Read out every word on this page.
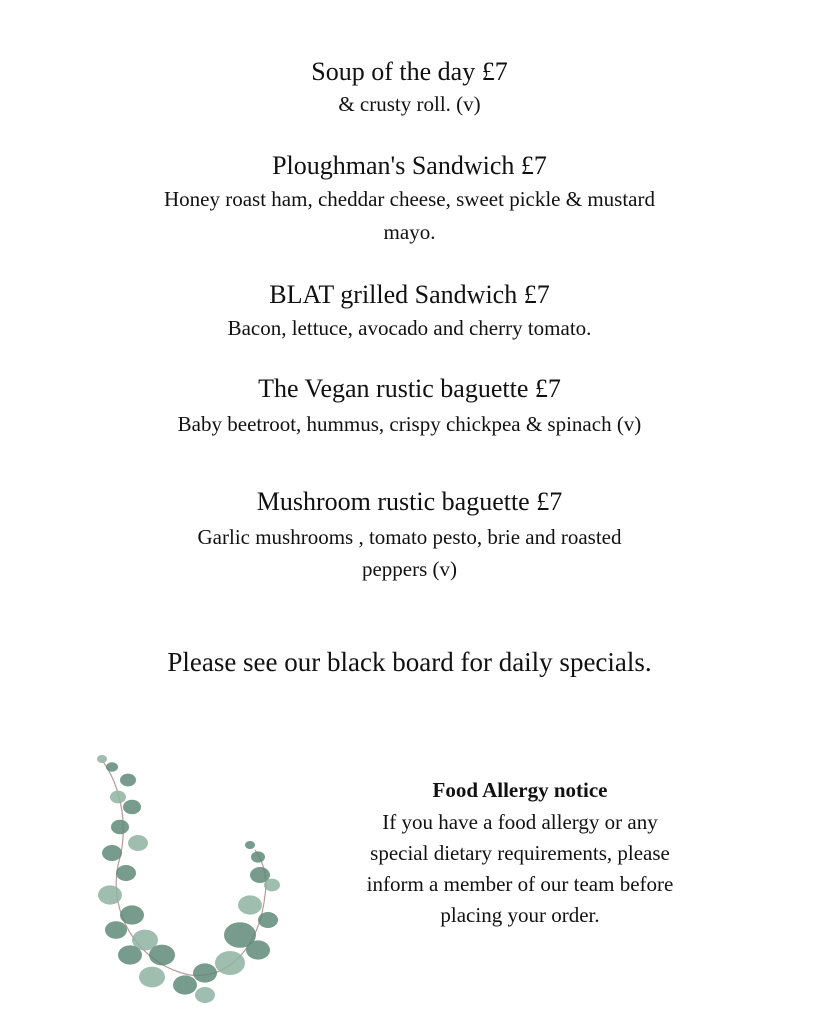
Soup of the day £7
& crusty roll. (v)
Ploughman's Sandwich £7
Honey roast ham, cheddar cheese, sweet pickle & mustard
mayo.
BLAT grilled Sandwich £7
Bacon, lettuce, avocado and cherry tomato.
The Vegan rustic baguette £7
Baby beetroot, hummus, crispy chickpea & spinach (v)
Mushroom rustic baguette £7
Garlic mushrooms , tomato pesto, brie and roasted
peppers (v)
Please see our black board for daily specials.
Food Allergy notice
If you have a food allergy or any
special dietary requirements, please
inform a member of our team before
placing your order.
